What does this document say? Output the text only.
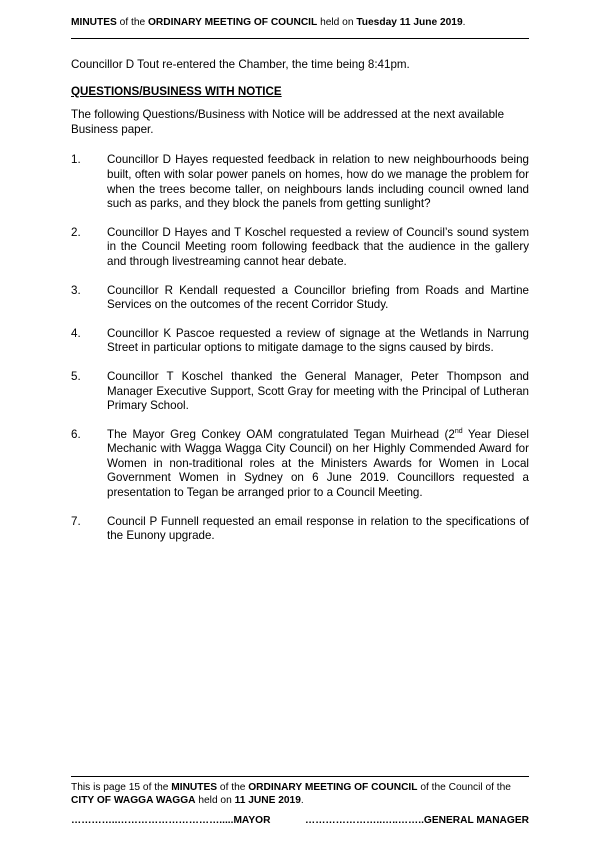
MINUTES of the ORDINARY MEETING OF COUNCIL held on Tuesday 11 June 2019.

Councillor D Tout re-entered the Chamber, the time being 8:41pm.

QUESTIONS/BUSINESS WITH NOTICE

The following Questions/Business with Notice will be addressed at the next available Business paper.

1.	Councillor D Hayes requested feedback in relation to new neighbourhoods being built, often with solar power panels on homes, how do we manage the problem for when the trees become taller, on neighbours lands including council owned land such as parks, and they block the panels from getting sunlight?
2.	Councillor D Hayes and T Koschel requested a review of Council’s sound system in the Council Meeting room following feedback that the audience in the gallery and through livestreaming cannot hear debate.
3.	Councillor R Kendall requested a Councillor briefing from Roads and Martine Services on the outcomes of the recent Corridor Study.
4.	Councillor K Pascoe requested a review of signage at the Wetlands in Narrung Street in particular options to mitigate damage to the signs caused by birds.
5.	Councillor T Koschel thanked the General Manager, Peter Thompson and Manager Executive Support, Scott Gray for meeting with the Principal of Lutheran Primary School.
6.	The Mayor Greg Conkey OAM congratulated Tegan Muirhead (2nd Year Diesel Mechanic with Wagga Wagga City Council) on her Highly Commended Award for Women in non-traditional roles at the Ministers Awards for Women in Local Government Women in Sydney on 6 June 2019. Councillors requested a presentation to Tegan be arranged prior to a Council Meeting.
7.	Council P Funnell requested an email response in relation to the specifications of the Eunony upgrade.
This is page 15 of the MINUTES of the ORDINARY MEETING OF COUNCIL of the Council of the
CITY OF WAGGA WAGGA held on 11 JUNE 2019.
…………..………………………….....MAYOR	…………………..…..……..GENERAL MANAGER
